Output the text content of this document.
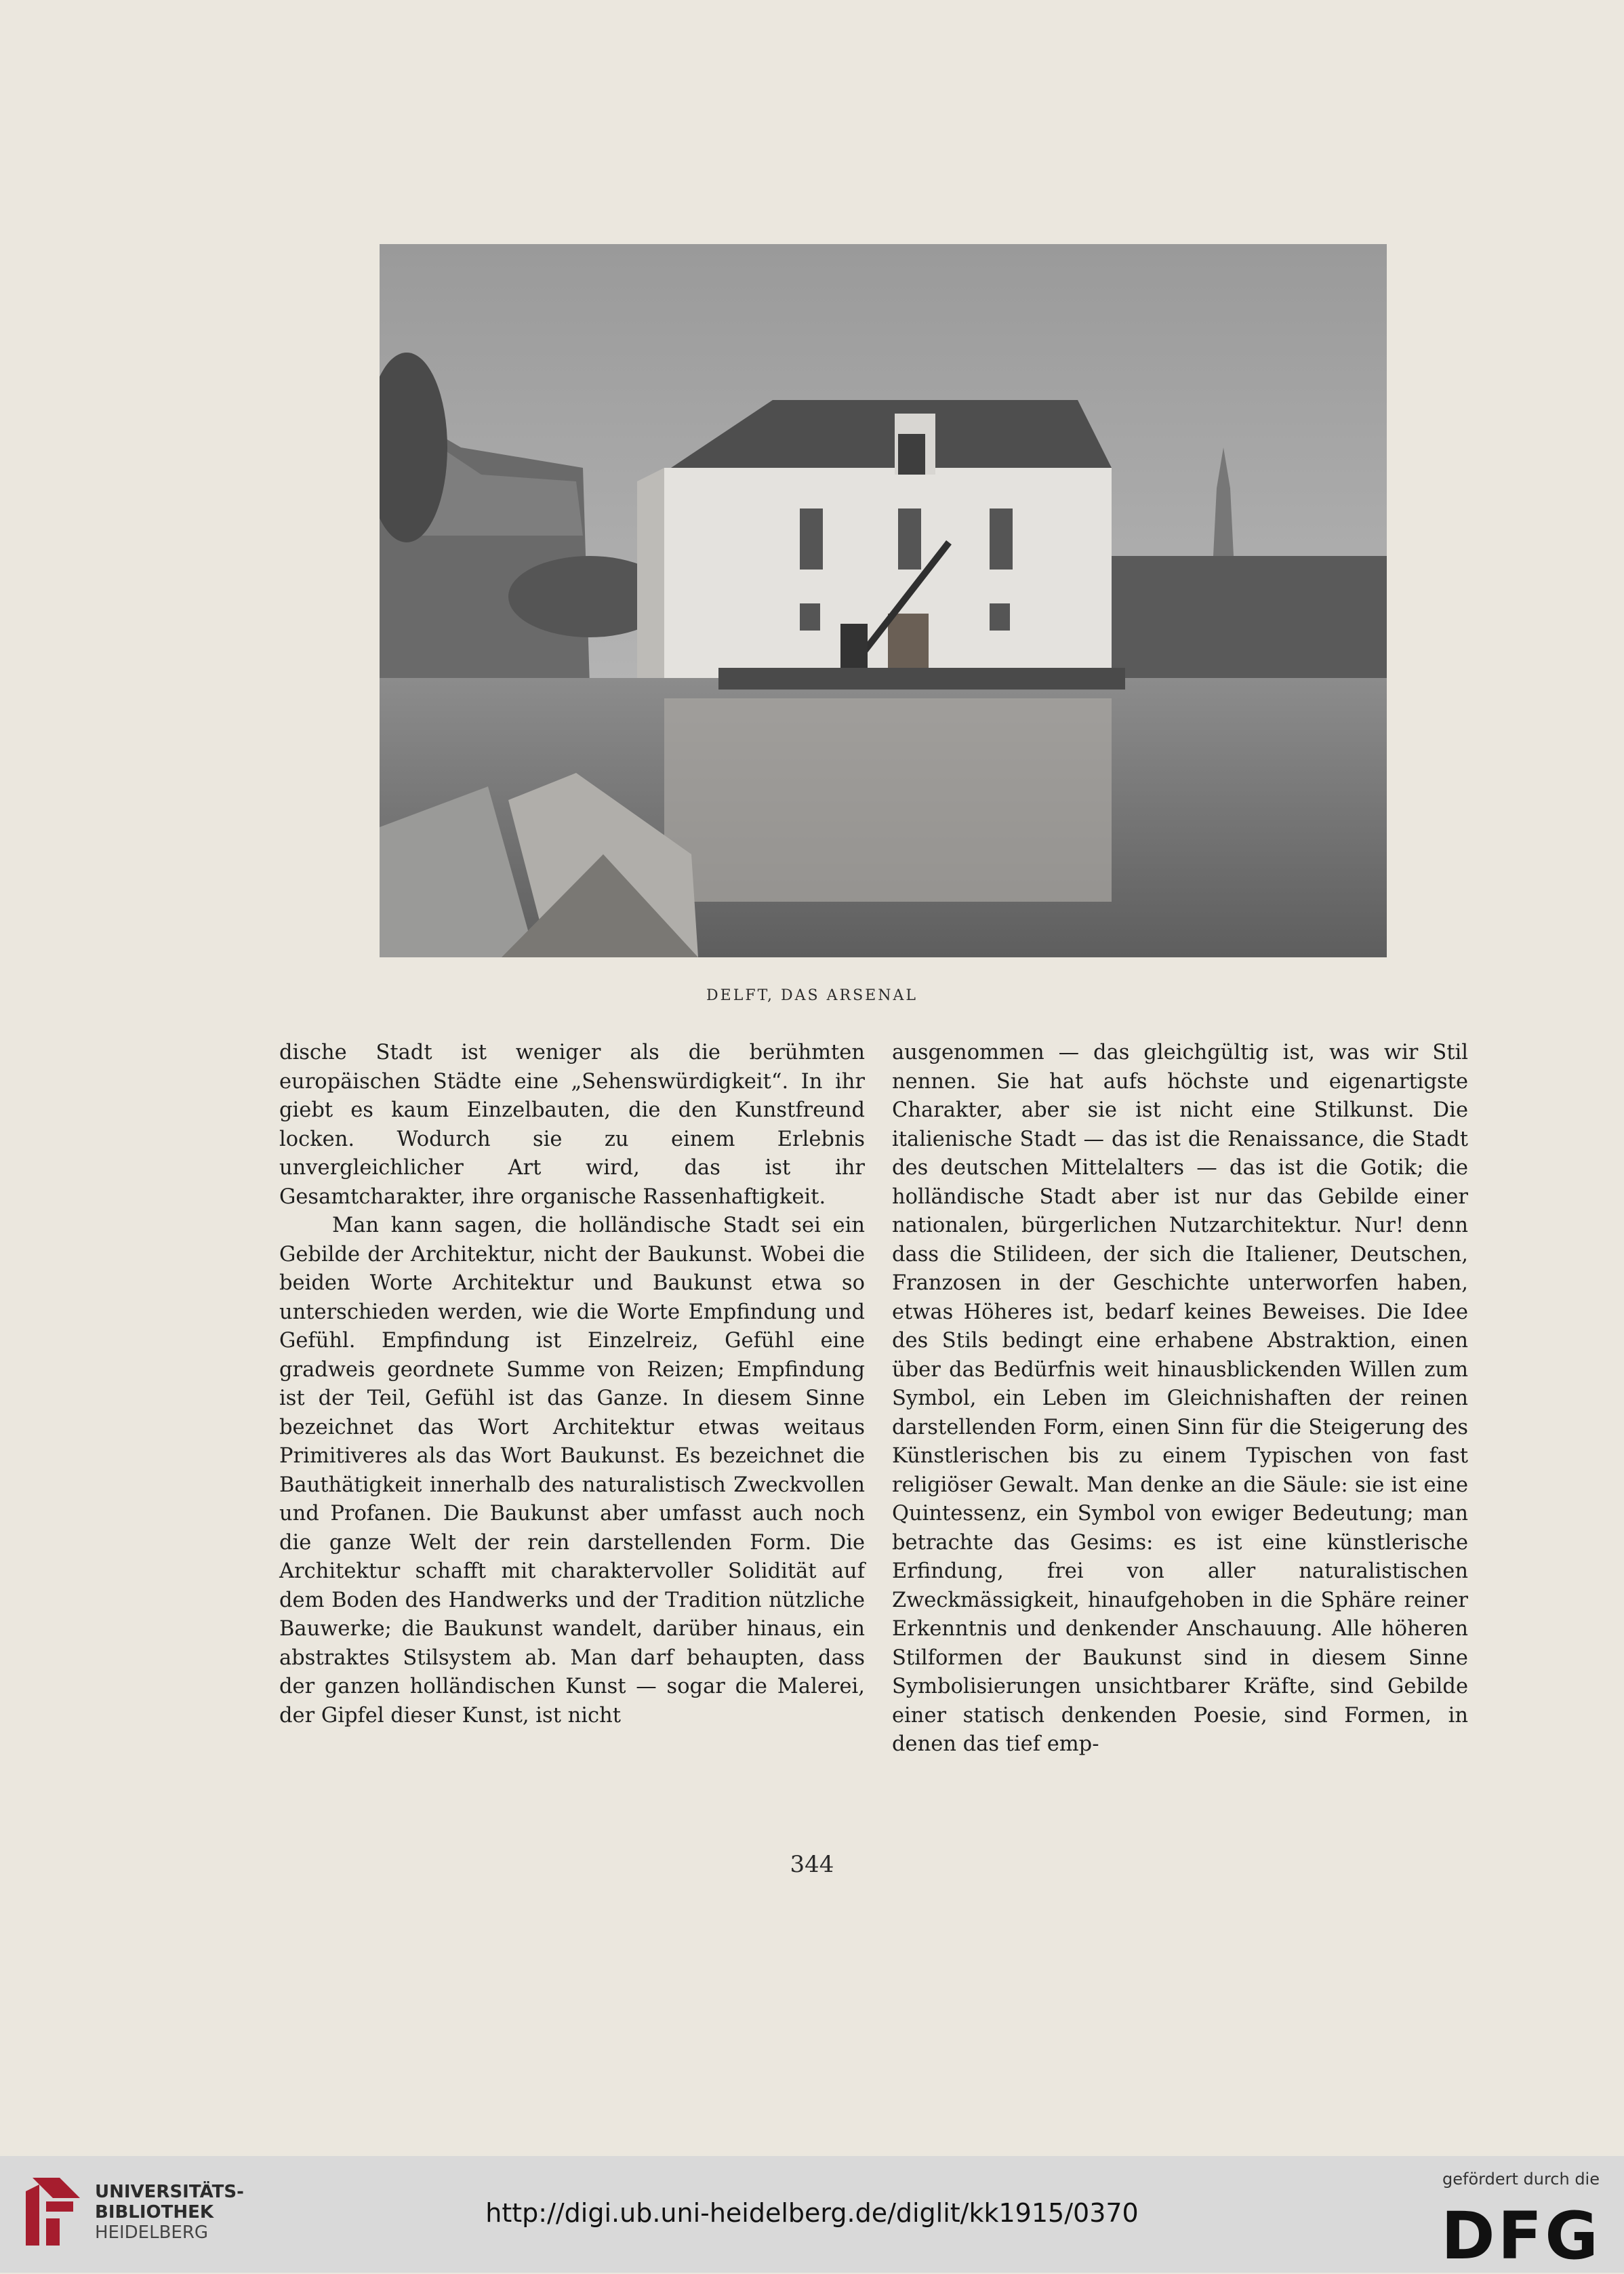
DELFT, DAS ARSENAL

dische Stadt ist weniger als die berühmten europäischen Städte eine „Sehenswürdigkeit“. In ihr giebt es kaum Einzelbauten, die den Kunstfreund locken. Wodurch sie zu einem Erlebnis unvergleichlicher Art wird, das ist ihr Gesamtcharakter, ihre organische Rassenhaftigkeit.

Man kann sagen, die holländische Stadt sei ein Gebilde der Architektur, nicht der Baukunst. Wobei die beiden Worte Architektur und Baukunst etwa so unterschieden werden, wie die Worte Empfindung und Gefühl. Empfindung ist Einzelreiz, Gefühl eine gradweis geordnete Summe von Reizen; Empfindung ist der Teil, Gefühl ist das Ganze. In diesem Sinne bezeichnet das Wort Architektur etwas weitaus Primitiveres als das Wort Baukunst. Es bezeichnet die Bauthätigkeit innerhalb des naturalistisch Zweckvollen und Profanen. Die Baukunst aber umfasst auch noch die ganze Welt der rein darstellenden Form. Die Architektur schafft mit charaktervoller Solidität auf dem Boden des Handwerks und der Tradition nützliche Bauwerke; die Baukunst wandelt, darüber hinaus, ein abstraktes Stilsystem ab. Man darf behaupten, dass der ganzen holländischen Kunst — sogar die Malerei, der Gipfel dieser Kunst, ist nicht

ausgenommen — das gleichgültig ist, was wir Stil nennen. Sie hat aufs höchste und eigenartigste Charakter, aber sie ist nicht eine Stilkunst. Die italienische Stadt — das ist die Renaissance, die Stadt des deutschen Mittelalters — das ist die Gotik; die holländische Stadt aber ist nur das Gebilde einer nationalen, bürgerlichen Nutzarchitektur. Nur! denn dass die Stilideen, der sich die Italiener, Deutschen, Franzosen in der Geschichte unterworfen haben, etwas Höheres ist, bedarf keines Beweises. Die Idee des Stils bedingt eine erhabene Abstraktion, einen über das Bedürfnis weit hinausblickenden Willen zum Symbol, ein Leben im Gleichnishaften der reinen darstellenden Form, einen Sinn für die Steigerung des Künstlerischen bis zu einem Typischen von fast religiöser Gewalt. Man denke an die Säule: sie ist eine Quintessenz, ein Symbol von ewiger Bedeutung; man betrachte das Gesims: es ist eine künstlerische Erfindung, frei von aller naturalistischen Zweckmässigkeit, hinaufgehoben in die Sphäre reiner Erkenntnis und denkender Anschauung. Alle höheren Stilformen der Baukunst sind in diesem Sinne Symbolisierungen unsichtbarer Kräfte, sind Gebilde einer statisch denkenden Poesie, sind Formen, in denen das tief emp-

344
UNIVERSITÄTS-
BIBLIOTHEK
HEIDELBERG
http://digi.ub.uni-heidelberg.de/diglit/kk1915/0370
gefördert durch die
DFG
